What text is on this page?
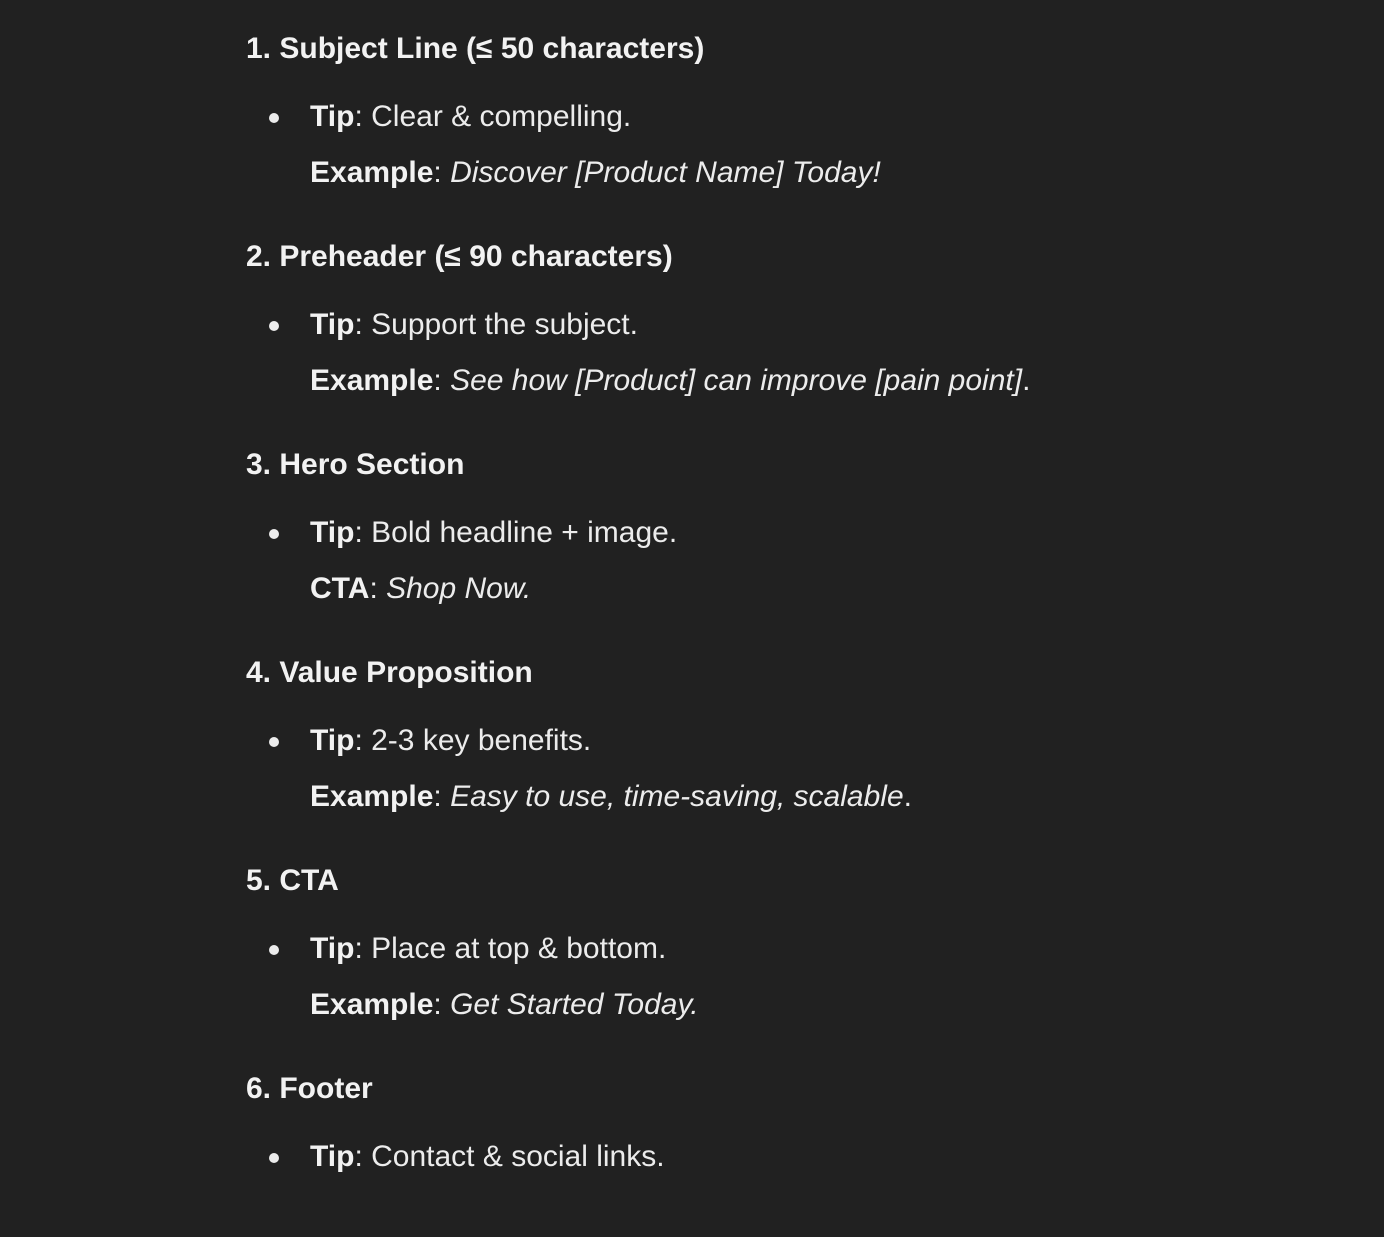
1. Subject Line (≤ 50 characters)
Tip: Clear & compelling.
Example: Discover [Product Name] Today!
2. Preheader (≤ 90 characters)
Tip: Support the subject.
Example: See how [Product] can improve [pain point].
3. Hero Section
Tip: Bold headline + image.
CTA: Shop Now.
4. Value Proposition
Tip: 2-3 key benefits.
Example: Easy to use, time-saving, scalable.
5. CTA
Tip: Place at top & bottom.
Example: Get Started Today.
6. Footer
Tip: Contact & social links.
